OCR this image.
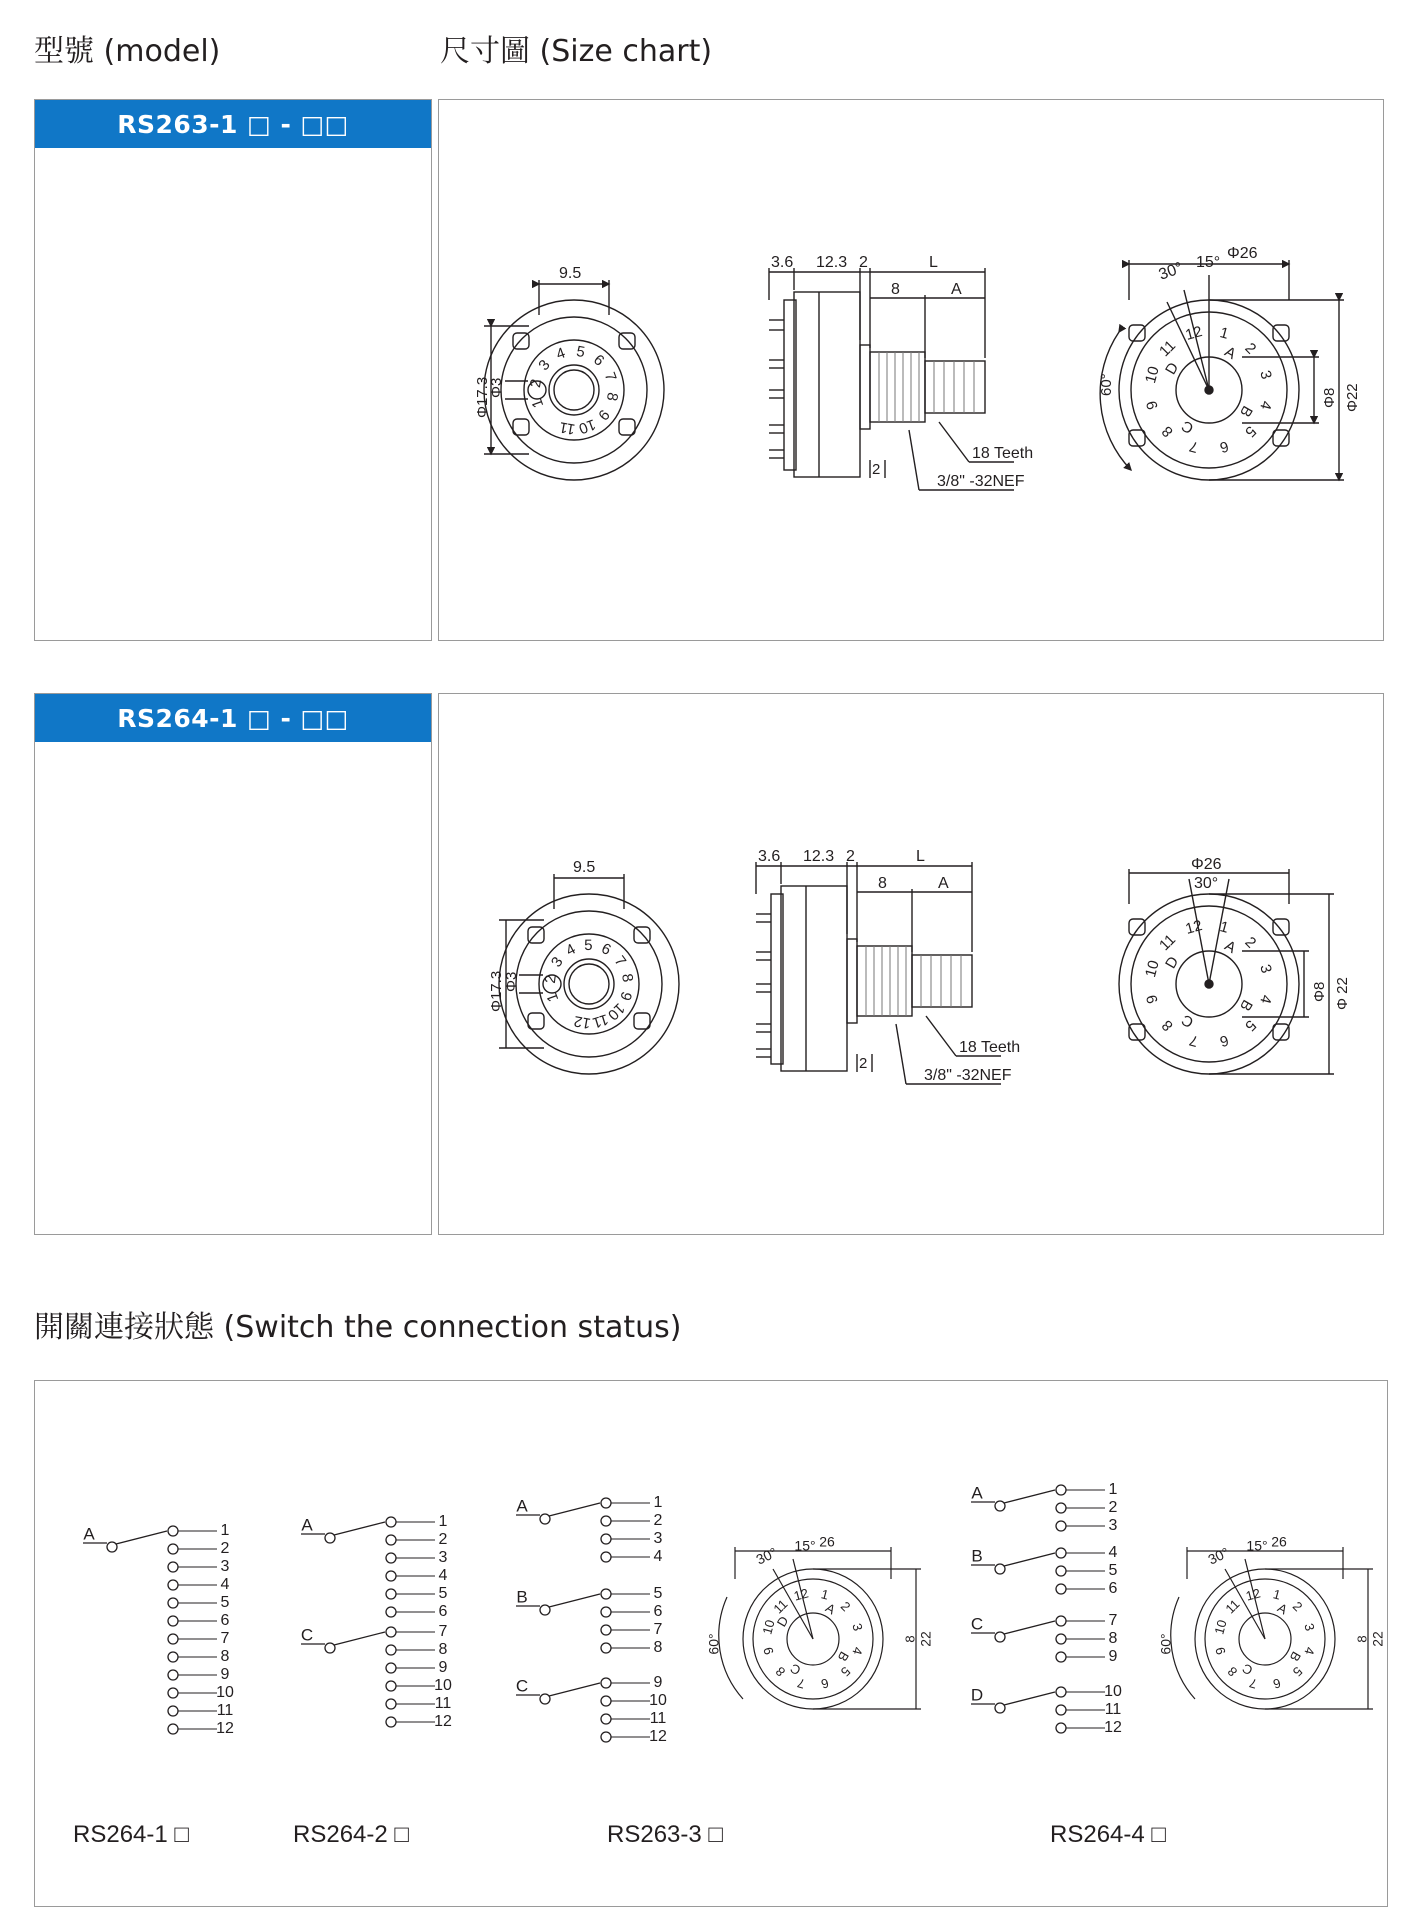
型號 (model)	尺寸圖 (Size chart)
開關連接狀態 (Switch the connection status)
RS263-1 □ - □□
RS264-1 □ - □□
9.5
Φ17.3
Φ3
1
2
3
4 5 6
7
8
9
10
11
3.6 12.3 2	L
8	A
2
18 Teeth
3/8" -32NEF
Φ26
30° 15°
Φ8 Φ22
60°
1
2
3
4
5
6
7
8
9
10
11
12
A
B
C
D
9.5
Φ17.3
Φ3
1
2
3
4 5 6
7
8
9
10
11
12
3.6 12.3 2	L
8	A
2
18 Teeth
3/8" -32NEF
Φ26
30°
Φ8 Φ 22
1
2
3
4
5
6
7
8
9
10
11
12
A
B
C
D
A	1
2
3
4
5
6
7
8
9
10
11
12
A	1
2
3
4
5
6
C	7
8
9
10
11
12
A	1
2
3
4
B	5
6
7
8
C	9
10
11
12
A	1
2
3
B	4
5
6
C	7
8
9
D	10
11
12
26
15°
30°
22
8
60°
1
2
3
4
5
6
7
8
9
10
11
12
A
B
C
D
26
15°
30°
22
8
60°
1
2
3
4
5
6
7
8
9
10
11
12
A
B
C
RS264-1 □	RS264-2 □	RS263-3 □	RS264-4 □
